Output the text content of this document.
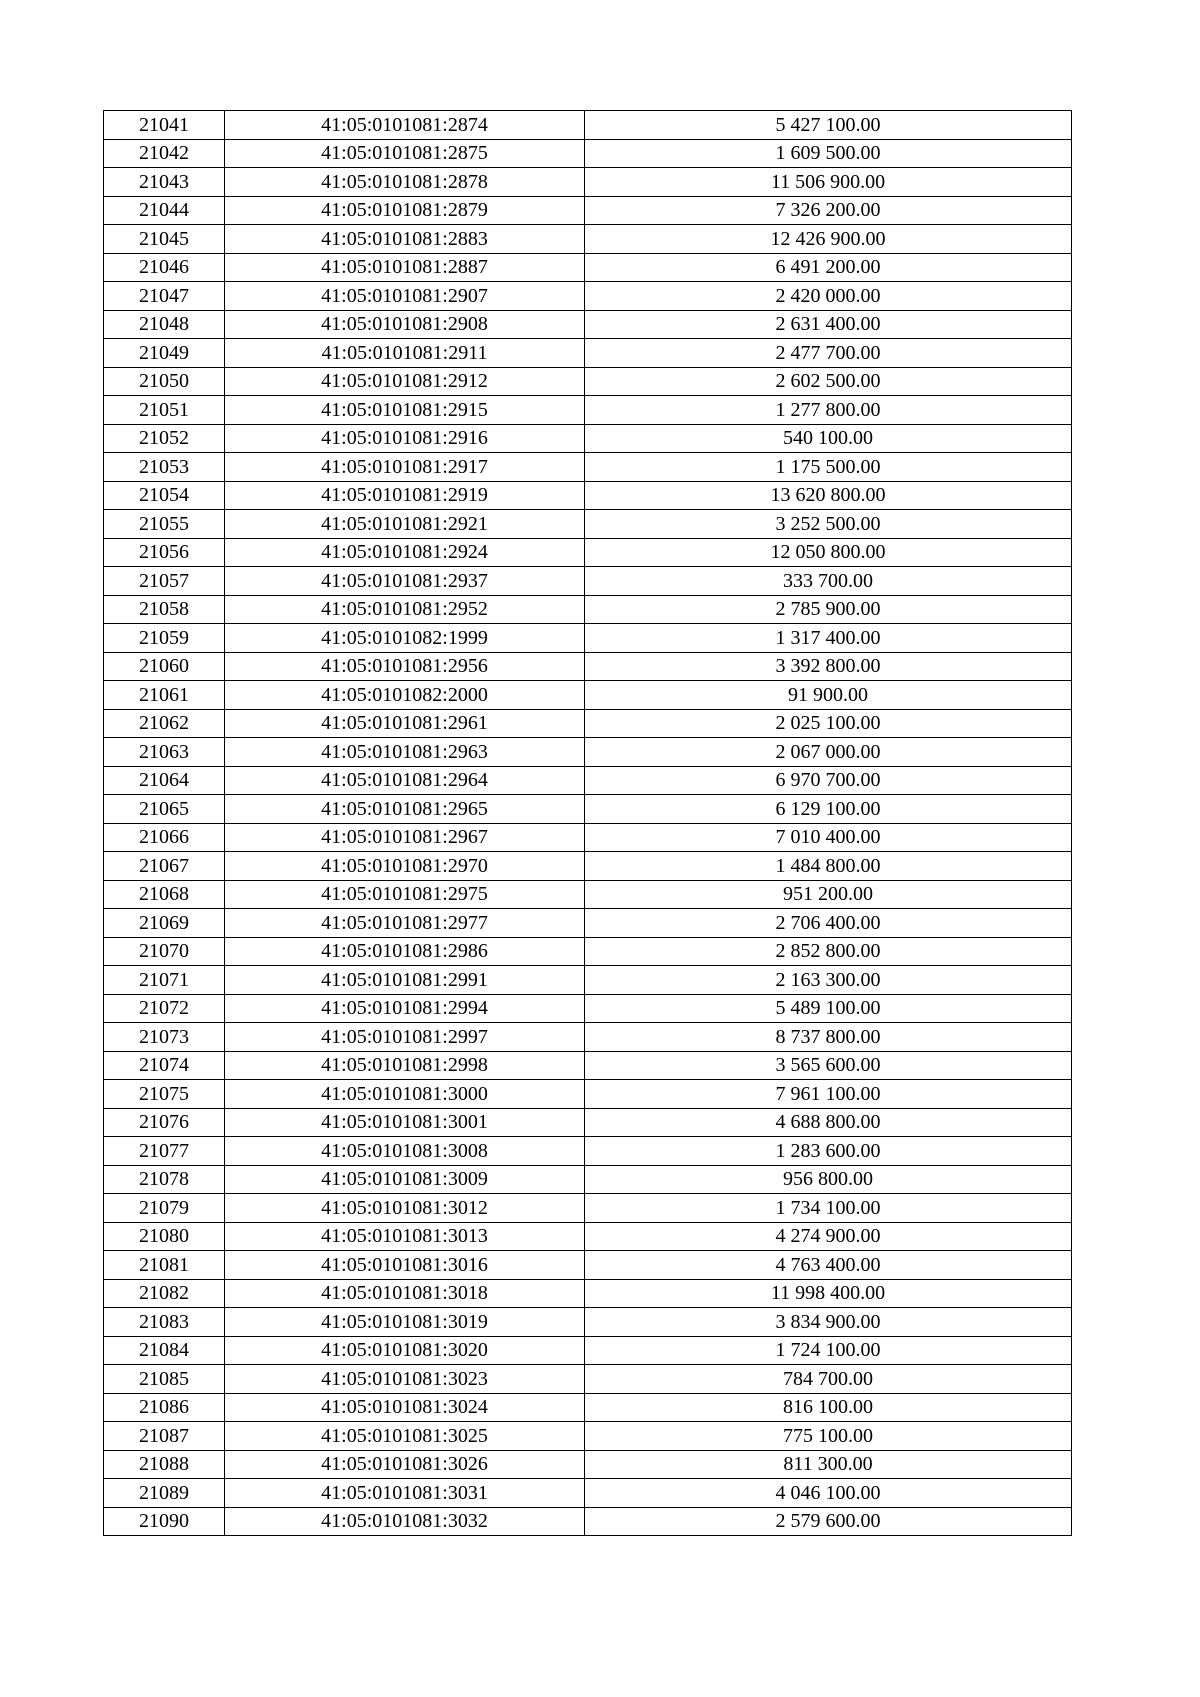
21041	41:05:0101081:2874	5 427 100.00
21042	41:05:0101081:2875	1 609 500.00
21043	41:05:0101081:2878	11 506 900.00
21044	41:05:0101081:2879	7 326 200.00
21045	41:05:0101081:2883	12 426 900.00
21046	41:05:0101081:2887	6 491 200.00
21047	41:05:0101081:2907	2 420 000.00
21048	41:05:0101081:2908	2 631 400.00
21049	41:05:0101081:2911	2 477 700.00
21050	41:05:0101081:2912	2 602 500.00
21051	41:05:0101081:2915	1 277 800.00
21052	41:05:0101081:2916	540 100.00
21053	41:05:0101081:2917	1 175 500.00
21054	41:05:0101081:2919	13 620 800.00
21055	41:05:0101081:2921	3 252 500.00
21056	41:05:0101081:2924	12 050 800.00
21057	41:05:0101081:2937	333 700.00
21058	41:05:0101081:2952	2 785 900.00
21059	41:05:0101082:1999	1 317 400.00
21060	41:05:0101081:2956	3 392 800.00
21061	41:05:0101082:2000	91 900.00
21062	41:05:0101081:2961	2 025 100.00
21063	41:05:0101081:2963	2 067 000.00
21064	41:05:0101081:2964	6 970 700.00
21065	41:05:0101081:2965	6 129 100.00
21066	41:05:0101081:2967	7 010 400.00
21067	41:05:0101081:2970	1 484 800.00
21068	41:05:0101081:2975	951 200.00
21069	41:05:0101081:2977	2 706 400.00
21070	41:05:0101081:2986	2 852 800.00
21071	41:05:0101081:2991	2 163 300.00
21072	41:05:0101081:2994	5 489 100.00
21073	41:05:0101081:2997	8 737 800.00
21074	41:05:0101081:2998	3 565 600.00
21075	41:05:0101081:3000	7 961 100.00
21076	41:05:0101081:3001	4 688 800.00
21077	41:05:0101081:3008	1 283 600.00
21078	41:05:0101081:3009	956 800.00
21079	41:05:0101081:3012	1 734 100.00
21080	41:05:0101081:3013	4 274 900.00
21081	41:05:0101081:3016	4 763 400.00
21082	41:05:0101081:3018	11 998 400.00
21083	41:05:0101081:3019	3 834 900.00
21084	41:05:0101081:3020	1 724 100.00
21085	41:05:0101081:3023	784 700.00
21086	41:05:0101081:3024	816 100.00
21087	41:05:0101081:3025	775 100.00
21088	41:05:0101081:3026	811 300.00
21089	41:05:0101081:3031	4 046 100.00
21090	41:05:0101081:3032	2 579 600.00
